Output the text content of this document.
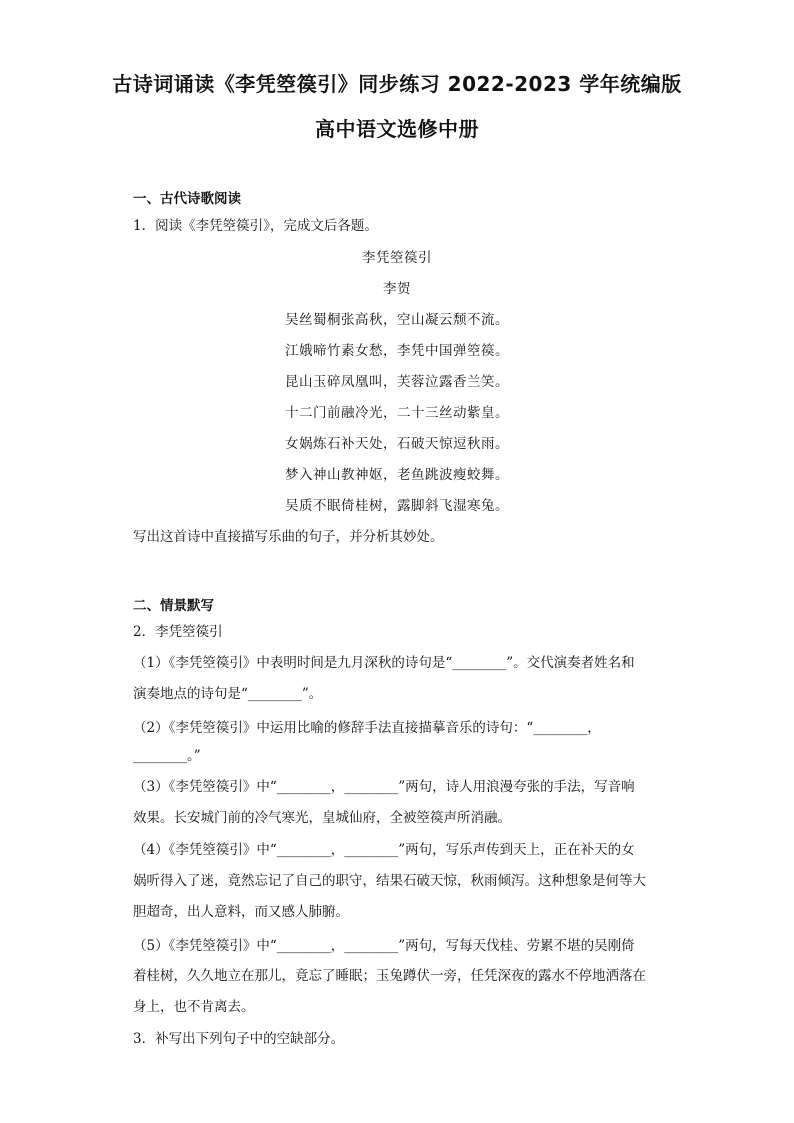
古诗词诵读《李凭箜篌引》同步练习 2022-2023 学年统编版
高中语文选修中册
一、古代诗歌阅读
1．阅读《李凭箜篌引》，完成文后各题。
李凭箜篌引
李贺
吴丝蜀桐张高秋，空山凝云颓不流。
江娥啼竹素女愁，李凭中国弹箜篌。
昆山玉碎凤凰叫，芙蓉泣露香兰笑。
十二门前融冷光，二十三丝动紫皇。
女娲炼石补天处，石破天惊逗秋雨。
梦入神山教神妪，老鱼跳波瘦蛟舞。
吴质不眠倚桂树，露脚斜飞湿寒兔。
写出这首诗中直接描写乐曲的句子，并分析其妙处。
二、情景默写
2．李凭箜篌引
（1）《李凭箜篌引》中表明时间是九月深秋的诗句是“________”。交代演奏者姓名和
演奏地点的诗句是“________”。
（2）《李凭箜篌引》中运用比喻的修辞手法直接描摹音乐的诗句：“________，
________。”
（3）《李凭箜篌引》中“________，________”两句，诗人用浪漫夸张的手法，写音响
效果。长安城门前的冷气寒光，皇城仙府，全被箜篌声所消融。
（4）《李凭箜篌引》中“________，________”两句，写乐声传到天上，正在补天的女
娲听得入了迷，竟然忘记了自己的职守，结果石破天惊，秋雨倾泻。这种想象是何等大
胆超奇，出人意料，而又感人肺腑。
（5）《李凭箜篌引》中“________，________”两句，写每天伐桂、劳累不堪的吴刚倚
着桂树，久久地立在那儿，竟忘了睡眠；玉兔蹲伏一旁，任凭深夜的露水不停地洒落在
身上，也不肯离去。
3．补写出下列句子中的空缺部分。
